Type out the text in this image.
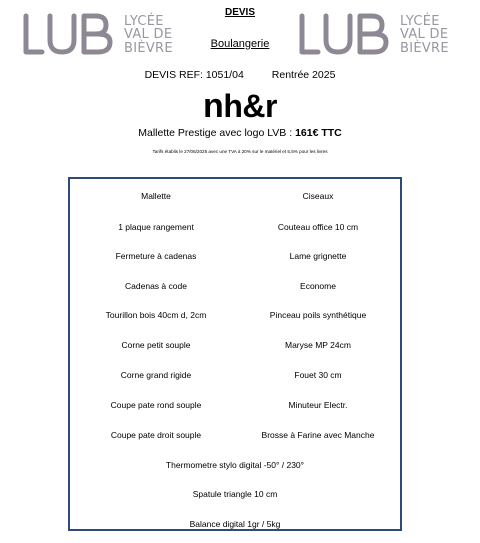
LYCÉE
VAL DE
BIÈVRE
LYCÉE
VAL DE
BIÈVRE
DEVIS
Boulangerie
DEVIS REF: 1051/04	Rentrée 2025
nh&r
Mallette Prestige avec logo LVB : 161€ TTC
Tarifs établis le 27/06/2025 avec une TVA à 20% sur le matériel et 5,5% pour les livres
Mallette	Ciseaux
1 plaque rangement	Couteau office 10 cm
Fermeture à cadenas	Lame grignette
Cadenas à code	Econome
Tourillon bois 40cm d, 2cm	Pinceau poils synthétique
Corne petit souple	Maryse MP 24cm
Corne grand rigide	Fouet 30 cm
Coupe pate rond souple	Minuteur Electr.
Coupe pate droit souple	Brosse à Farine avec Manche
Thermometre stylo digital -50° / 230°
Spatule triangle 10 cm
Balance digital 1gr / 5kg
